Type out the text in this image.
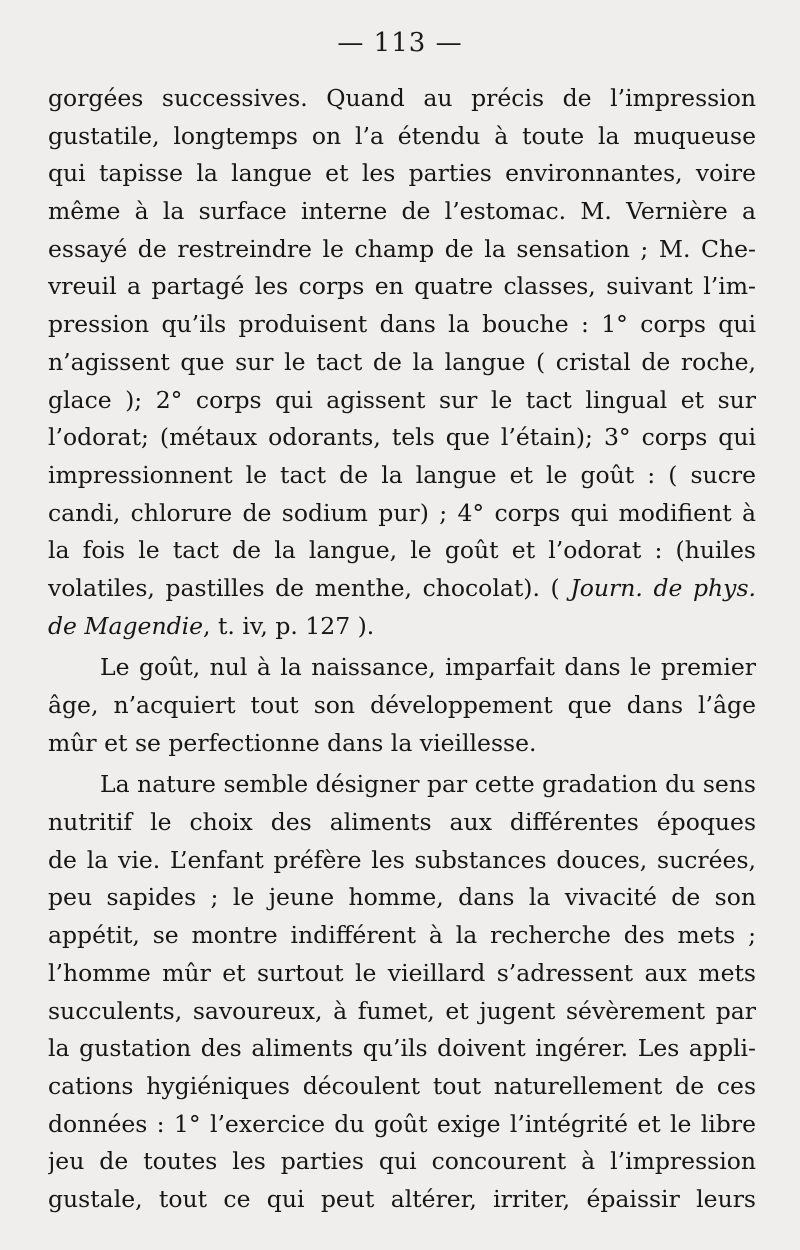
— 113 —
gorgées successives. Quand au précis de l’impression
gustatile, longtemps on l’a étendu à toute la muqueuse
qui tapisse la langue et les parties environnantes, voire
même à la surface interne de l’estomac. M. Vernière a
essayé de restreindre le champ de la sensation ; M. Che-
vreuil a partagé les corps en quatre classes, suivant l’im-
pression qu’ils produisent dans la bouche : 1° corps qui
n’agissent que sur le tact de la langue ( cristal de roche,
glace ); 2° corps qui agissent sur le tact lingual et sur
l’odorat; (métaux odorants, tels que l’étain); 3° corps qui
impressionnent le tact de la langue et le goût : ( sucre
candi, chlorure de sodium pur) ; 4° corps qui modifient à
la fois le tact de la langue, le goût et l’odorat : (huiles
volatiles, pastilles de menthe, chocolat). ( Journ. de phys.
de Magendie, t. iv, p. 127 ).
Le goût, nul à la naissance, imparfait dans le premier
âge, n’acquiert tout son développement que dans l’âge
mûr et se perfectionne dans la vieillesse.
La nature semble désigner par cette gradation du sens
nutritif le choix des aliments aux différentes époques
de la vie. L’enfant préfère les substances douces, sucrées,
peu sapides ; le jeune homme, dans la vivacité de son
appétit, se montre indifférent à la recherche des mets ;
l’homme mûr et surtout le vieillard s’adressent aux mets
succulents, savoureux, à fumet, et jugent sévèrement par
la gustation des aliments qu’ils doivent ingérer. Les appli-
cations hygiéniques découlent tout naturellement de ces
données : 1° l’exercice du goût exige l’intégrité et le libre
jeu de toutes les parties qui concourent à l’impression
gustale, tout ce qui peut altérer, irriter, épaissir leurs
